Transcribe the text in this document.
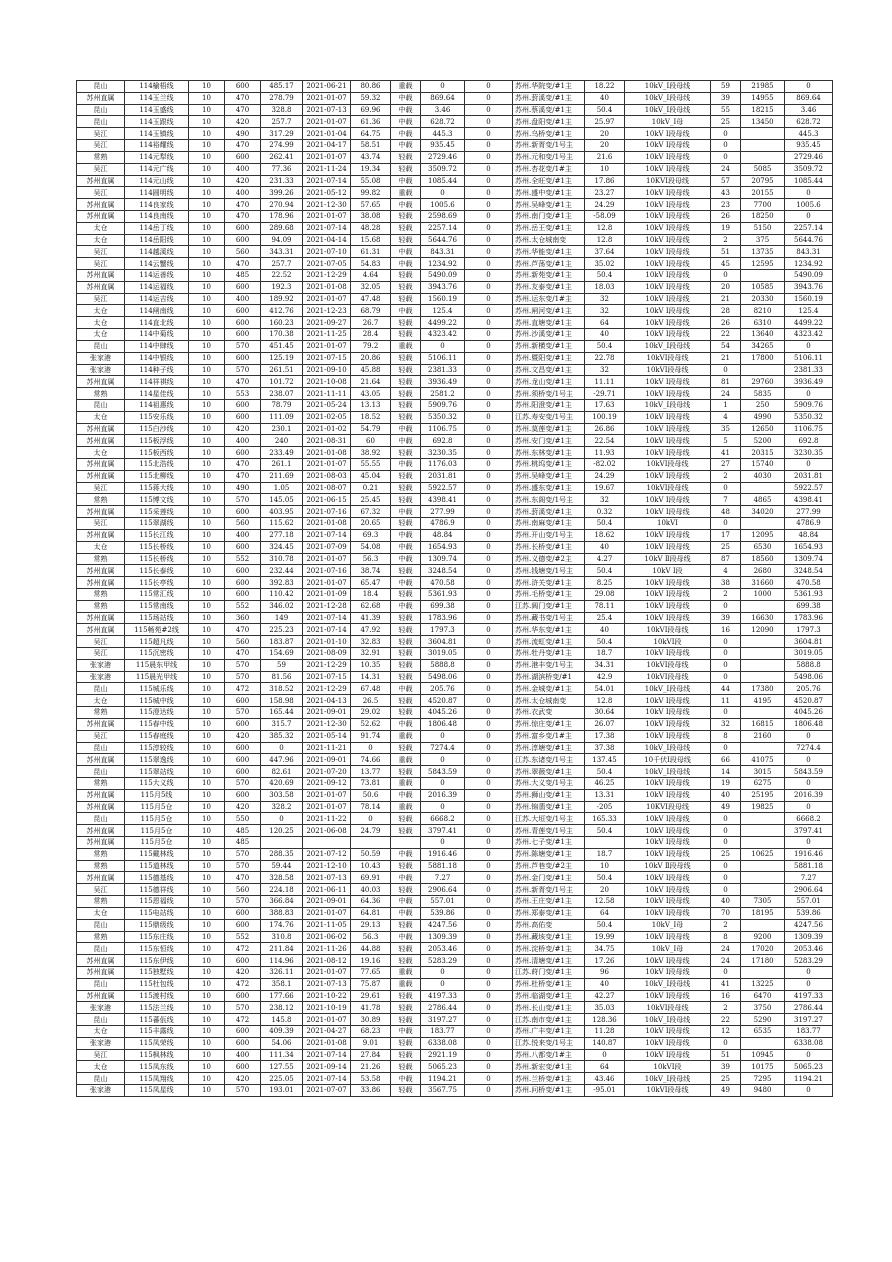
昆山	114榆梧线	10	600	485.17	2021-06-21	80.86	重载	0	0	苏州.华院变/#1主	18.22	10kV_Ⅰ段母线	59	21985	0
苏州直属	114玉兰线	10	470	278.79	2021-01-07	59.32	中载	869.64	0	苏州.葑溪变/#1主	40	10kV_Ⅰ段母线	39	14955	869.64
昆山	114玉盛线	10	470	328.8	2021-07-13	69.96	中载	3.46	0	苏州.蔡溪变/#1主	50.4	10kV_Ⅰ段母线	55	18215	3.46
昆山	114玉跟线	10	420	257.7	2021-01-07	61.36	中载	628.72	0	苏州.盘阳变/#1主	25.97	10kV_Ⅰ母	25	13450	628.72
吴江	114玉镇线	10	490	317.29	2021-01-04	64.75	中载	445.3	0	苏州.乌桥变/#1主	20	10kV Ⅰ段母线	0		445.3
吴江	114裕耀线	10	470	274.99	2021-04-17	58.51	中载	935.45	0	苏州.新胥变/1号主	20	10kV Ⅰ段母线	0		935.45
常熟	114元犁线	10	600	262.41	2021-01-07	43.74	轻载	2729.46	0	苏州.元和变/1号主	21.6	10kV Ⅰ段母线	0		2729.46
吴江	114元广线	10	400	77.36	2021-11-24	19.34	轻载	3509.72	0	苏州.杏花变/1#主	10	10kV Ⅰ段母线	24	5085	3509.72
苏州直属	114元山线	10	420	231.33	2021-07-14	55.08	中载	1085.44	0	苏州.全旺变/#1主	17.86	10KVⅠ段母线	57	20795	1085.44
吴江	114圆明线	10	400	399.26	2021-05-12	99.82	重载	0	0	苏州.盛中变/#1主	23.27	10kV Ⅰ段母线	43	20155	0
苏州直属	114良家线	10	470	270.94	2021-12-30	57.65	中载	1005.6	0	苏州.吴峰变/#1主	24.29	10kV Ⅰ段母线	23	7700	1005.6
苏州直属	114良南线	10	470	178.96	2021-01-07	38.08	轻载	2598.69	0	苏州.南门变/#1主	-58.09	10kV Ⅰ段母线	26	18250	0
太仓	114岳丁线	10	600	289.68	2021-07-14	48.28	轻载	2257.14	0	苏州.岳王变/#1主	12.8	10kV Ⅰ段母线	19	5150	2257.14
太仓	114岳阳线	10	600	94.09	2021-04-14	15.68	轻载	5644.76	0	苏州.太仓城南变	12.8	10kV Ⅰ段母线	2	375	5644.76
吴江	114越溪线	10	560	343.31	2021-07-10	61.31	中载	843.31	0	苏州.华能变/#1主	37.64	10kV Ⅰ段母线	51	13735	843.31
吴江	114云蟹线	10	470	257.7	2021-07-05	54.83	中载	1234.92	0	苏州.芦荡变/#1主	35.02	10kV Ⅰ段母线	45	12595	1234.92
苏州直属	114运善线	10	485	22.52	2021-12-29	4.64	轻载	5490.09	0	苏州.新苑变/#1主	50.4	10kV Ⅰ段母线	0		5490.09
苏州直属	114运福线	10	600	192.3	2021-01-08	32.05	轻载	3943.76	0	苏州.友泰变/#1主	18.03	10kV Ⅰ段母线	20	10585	3943.76
吴江	114运吉线	10	400	189.92	2021-01-07	47.48	轻载	1560.19	0	苏州.运东变/1#主	32	10kV Ⅰ段母线	21	20330	1560.19
太仓	114闸南线	10	600	412.76	2021-12-23	68.79	中载	125.4	0	苏州.闸河变/#1主	32	10kV Ⅰ段母线	28	8210	125.4
太仓	114直北线	10	600	160.23	2021-09-27	26.7	轻载	4499.22	0	苏州.直塘变/#1主	64	10kV Ⅰ段母线	26	6310	4499.22
太仓	114中菊线	10	600	170.38	2021-11-25	28.4	轻载	4323.42	0	苏州.沙溪变/#1主	40	10kV Ⅰ段母线	22	13640	4323.42
昆山	114中肆线	10	570	451.45	2021-01-07	79.2	重载	0	0	苏州.新横变/#1主	50.4	10kV_Ⅰ段母线	54	34265	0
张家港	114中银线	10	600	125.19	2021-07-15	20.86	轻载	5106.11	0	苏州.暨阳变/#1主	22.78	10kVⅠ段母线	21	17800	5106.11
张家港	114种子线	10	570	261.51	2021-09-10	45.88	轻载	2381.33	0	苏州.文昌变/#1主	32	10kVⅠ段母线	0		2381.33
苏州直属	114祥祺线	10	470	101.72	2021-10-08	21.64	轻载	3936.49	0	苏州.龙山变/#1主	11.11	10kV Ⅰ段母线	81	29760	3936.49
常熟	114星佳线	10	553	238.07	2021-11-11	43.05	轻载	2581.2	0	苏州.须桥变/1号主	-29.71	10kV Ⅰ段母线	24	5835	0
昆山	114祖惠线	10	600	78.79	2021-05-24	13.13	轻载	5909.76	0	苏州.阳澄变/#1主	17.63	10kV_Ⅰ段母线	1	250	5909.76
太仓	115安乐线	10	600	111.09	2021-02-05	18.52	轻载	5350.32	0	江苏.寿安变/1号主	100.19	10kV Ⅰ段母线	4	4990	5350.32
苏州直属	115白沙线	10	420	230.1	2021-01-02	54.79	中载	1106.75	0	苏州.莫莲变/#1主	26.86	10kV Ⅰ段母线	35	12650	1106.75
苏州直属	115板浮线	10	400	240	2021-08-31	60	中载	692.8	0	苏州.安门变/#1主	22.54	10kV Ⅰ段母线	5	5200	692.8
太仓	115板西线	10	600	233.49	2021-01-08	38.92	轻载	3230.35	0	苏州.东林变/#1主	11.93	10kV Ⅰ段母线	41	20315	3230.35
苏州直属	115北浩线	10	470	261.1	2021-01-07	55.55	中载	1176.03	0	苏州.桃坞变/#1主	-82.02	10kVⅠ段母线	27	15740	0
苏州直属	115北柳线	10	470	211.69	2021-08-03	45.04	轻载	2031.81	0	苏州.吴峰变/#1主	24.29	10kV Ⅰ段母线	2	4030	2031.81
吴江	115蒋大线	10	490	1.05	2021-08-07	0.21	轻载	5922.57	0	苏州.盛东变/#1主	19.67	10kVⅠ段母线	0		5922.57
常熟	115博文线	10	570	145.05	2021-06-15	25.45	轻载	4398.41	0	苏州.东阁变/1号主	32	10kV Ⅰ段母线	7	4865	4398.41
苏州直属	115采莲线	10	600	403.95	2021-07-16	67.32	中载	277.99	0	苏州.葑溪变/#1主	0.32	10kV Ⅰ段母线	48	34020	277.99
吴江	115翠湖线	10	560	115.62	2021-01-08	20.65	轻载	4786.9	0	苏州.南麻变/#1主	50.4	10kVⅠ	0		4786.9
苏州直属	115长江线	10	400	277.18	2021-07-14	69.3	中载	48.84	0	苏州.开山变/1号主	18.62	10kV Ⅰ段母线	17	12095	48.84
太仓	115长桥线	10	600	324.45	2021-07-09	54.08	中载	1654.93	0	苏州.长桥变/#1主	40	10kV Ⅰ段母线	25	6530	1654.93
常熟	115长桥线	10	552	310.78	2021-01-07	56.3	中载	1309.74	0	苏州.义德变/#2主	4.27	10kV Ⅱ段母线	87	18560	1309.74
苏州直属	115长泰线	10	600	232.44	2021-07-16	38.74	轻载	3248.54	0	苏州.钱塘变/1号主	50.4	10kV Ⅰ段	4	2680	3248.54
苏州直属	115长亭线	10	600	392.83	2021-01-07	65.47	中载	470.58	0	苏州.浒关变/#1主	8.25	10kV Ⅰ段母线	38	31660	470.58
常熟	115常汇线	10	600	110.42	2021-01-09	18.4	轻载	5361.93	0	苏州.毛桥变/#1主	29.08	10kV Ⅰ段母线	2	1000	5361.93
常熟	115常南线	10	552	346.02	2021-12-28	62.68	中载	699.38	0	江苏.阊门变/#1主	78.11	10kV Ⅰ段母线	0		699.38
苏州直属	115场站线	10	360	149	2021-07-14	41.39	轻载	1783.96	0	苏州.藏书变/1号主	25.4	10kV Ⅰ段母线	39	16630	1783.96
苏州直属	115畅苑#2线	10	470	225.23	2021-07-14	47.92	轻载	1797.3	0	苏州.华东变/#1主	40	10kVⅠ段母线	16	12090	1797.3
吴江	115超凡线	10	560	183.87	2021-01-10	32.83	轻载	3604.81	0	苏州.流虹变/#1主	50.4	10kVⅠ段	0		3604.81
吴江	115沉密线	10	470	154.69	2021-08-09	32.91	轻载	3019.05	0	苏州.牡丹变/#1主	18.7	10kV Ⅰ段母线	0		3019.05
张家港	115晨东甲线	10	570	59	2021-12-29	10.35	轻载	5888.8	0	苏州.港丰变/1号主	34.31	10kVⅠ段母线	0		5888.8
张家港	115晨光甲线	10	570	81.56	2021-07-15	14.31	轻载	5498.06	0	苏州.湖滨桥变/#1	42.9	10kVⅠ段母线	0		5498.06
昆山	115城乐线	10	472	318.52	2021-12-29	67.48	中载	205.76	0	苏州.金城变/#1主	54.01	10kV_Ⅰ段母线	44	17380	205.76
太仓	115城中线	10	600	158.98	2021-04-13	26.5	轻载	4520.87	0	苏州.太仓城南变	12.8	10kV Ⅰ段母线	11	4195	4520.87
常熟	115澄达线	10	570	165.44	2021-09-01	29.02	轻载	4045.26	0	苏州.衣武变	30.64	10kV Ⅰ段母线	0		4045.26
苏州直属	115春中线	10	600	315.7	2021-12-30	52.62	中载	1806.48	0	苏州.惊庄变/#1主	26.07	10kV Ⅰ段母线	32	16815	1806.48
吴江	115春庭线	10	420	385.32	2021-05-14	91.74	重载	0	0	苏州.富乡变/1#主	17.38	10kV Ⅰ段母线	8	2160	0
昆山	115淳较线	10	600	0	2021-11-21	0	轻载	7274.4	0	苏州.淳塘变/#1主	37.38	10kV_Ⅰ段母线	0		7274.4
苏州直属	115翠逸线	10	600	447.96	2021-09-01	74.66	重载	0	0	江苏.东诸变/1号主	137.45	10千伏Ⅰ段母线	66	41075	0
昆山	115翠站线	10	600	82.61	2021-07-20	13.77	轻载	5843.59	0	苏州.翠薇变/#1主	50.4	10kV_Ⅰ段母线	14	3015	5843.59
常熟	115大义线	10	570	420.69	2021-09-12	73.81	重载	0	0	苏州.大义变/1号主	46.25	10kV Ⅰ段母线	19	6275	0
苏州直属	115月5线	10	600	303.58	2021-01-07	50.6	中载	2016.39	0	苏州.狮山变/#1主	13.31	10kV Ⅰ段母线	40	25195	2016.39
苏州直属	115月5仓	10	420	328.2	2021-01-07	78.14	重载	0	0	苏州.锦翡变/#1主	-205	10KVⅠ段母线	49	19825	0
昆山	115月5仓	10	550	0	2021-11-22	0	轻载	6668.2	0	江苏.大垣变/1号主	165.33	10kV Ⅰ段母线	0		6668.2
苏州直属	115月5仓	10	485	120.25	2021-06-08	24.79	轻载	3797.41	0	苏州.青莲变/1号主	50.4	10kV Ⅰ段母线	0		3797.41
苏州直属	115月5仓	10	485					0	0	苏州.七子变/#1主		10kV Ⅰ段母线	0		0
常熟	115戴林线	10	570	288.35	2021-07-12	50.59	中载	1916.46	0	苏州.陈塘变/#1主	18.7	10kV Ⅰ段母线	25	10625	1916.46
常熟	115道林线	10	570	59.44	2021-12-10	10.43	轻载	5881.18	0	苏州.芦巷变/#2主	10	10kV Ⅱ段母线	0		5881.18
苏州直属	115德基线	10	470	328.58	2021-07-13	69.91	中载	7.27	0	苏州.金门变/#1主	50.4	10kV Ⅰ段母线	0		7.27
吴江	115德祥线	10	560	224.18	2021-06-11	40.03	轻载	2906.64	0	苏州.新胥变/1号主	20	10kV Ⅰ段母线	0		2906.64
常熟	115恩福线	10	570	366.84	2021-09-01	64.36	中载	557.01	0	苏州.王庄变/#1主	12.58	10kV Ⅰ段母线	40	7305	557.01
太仓	115电站线	10	600	388.83	2021-01-07	64.81	中载	539.86	0	苏州.郑泰变/#1主	64	10kV Ⅰ段母线	70	18195	539.86
昆山	115鼎级线	10	600	174.76	2021-11-05	29.13	轻载	4247.56	0	苏州.高佑变	50.4	10kV_Ⅰ母	2		4247.56
常熟	115东庄线	10	552	310.8	2021-06-02	56.3	中载	1309.39	0	苏州.藏垓变/#1主	19.99	10kV Ⅰ段母线	8	9200	1309.39
昆山	115东恒线	10	472	211.84	2021-11-26	44.88	轻载	2053.46	0	苏州.淀桥变/#1主	34.75	10kV_Ⅰ母	24	17020	2053.46
苏州直属	115东伊线	10	600	114.96	2021-08-12	19.16	轻载	5283.29	0	苏州.清塘变/#1主	17.26	10kV Ⅰ段母线	24	17180	5283.29
苏州直属	115独墅线	10	420	326.11	2021-01-07	77.65	重载	0	0	江苏.莳门变/#1主	96	10kV Ⅰ段母线	0		0
昆山	115杜包线	10	472	358.1	2021-07-13	75.87	重载	0	0	苏州.杜桥变/#1主	40	10kV_Ⅰ段母线	41	13225	0
苏州直属	115渡村线	10	600	177.66	2021-10-22	29.61	轻载	4197.33	0	苏州.临湖变/#1主	42.27	10kV Ⅰ段母线	16	6470	4197.33
张家港	115法兰线	10	570	238.12	2021-10-19	41.78	轻载	2786.44	0	苏州.长山变/#1主	35.03	10kVⅠ段母线	2	3750	2786.44
昆山	115蕃佤线	10	472	145.8	2021-01-07	30.89	轻载	3197.27	0	江苏.南市变/#1主	128.36	10kV_Ⅰ段母线	22	5290	3197.27
太仓	115丰露线	10	600	409.39	2021-04-27	68.23	中载	183.77	0	苏州.广丰变/#1主	11.28	10kV Ⅰ段母线	12	6535	183.77
张家港	115凤荣线	10	600	54.06	2021-01-08	9.01	轻载	6338.08	0	江苏.悦来变/1号主	140.87	10kV Ⅰ段母线	0		6338.08
吴江	115枫林线	10	400	111.34	2021-07-14	27.84	轻载	2921.19	0	苏州.八都变/1#主	0	10kV Ⅰ段母线	51	10945	0
太仓	115凤东线	10	600	127.55	2021-09-14	21.26	轻载	5065.23	0	苏州.新宏变/#1主	64	10kVⅠ段	39	10175	5065.23
昆山	115凤翔线	10	420	225.05	2021-07-14	53.58	中载	1194.21	0	苏州.兰桥变/#1主	43.46	10kV_Ⅰ段母线	25	7295	1194.21
张家港	115凤星线	10	570	193.01	2021-07-07	33.86	轻载	3567.75	0	苏州.问桥变/#1主	-95.01	10kVⅠ段母线	49	9480	0
